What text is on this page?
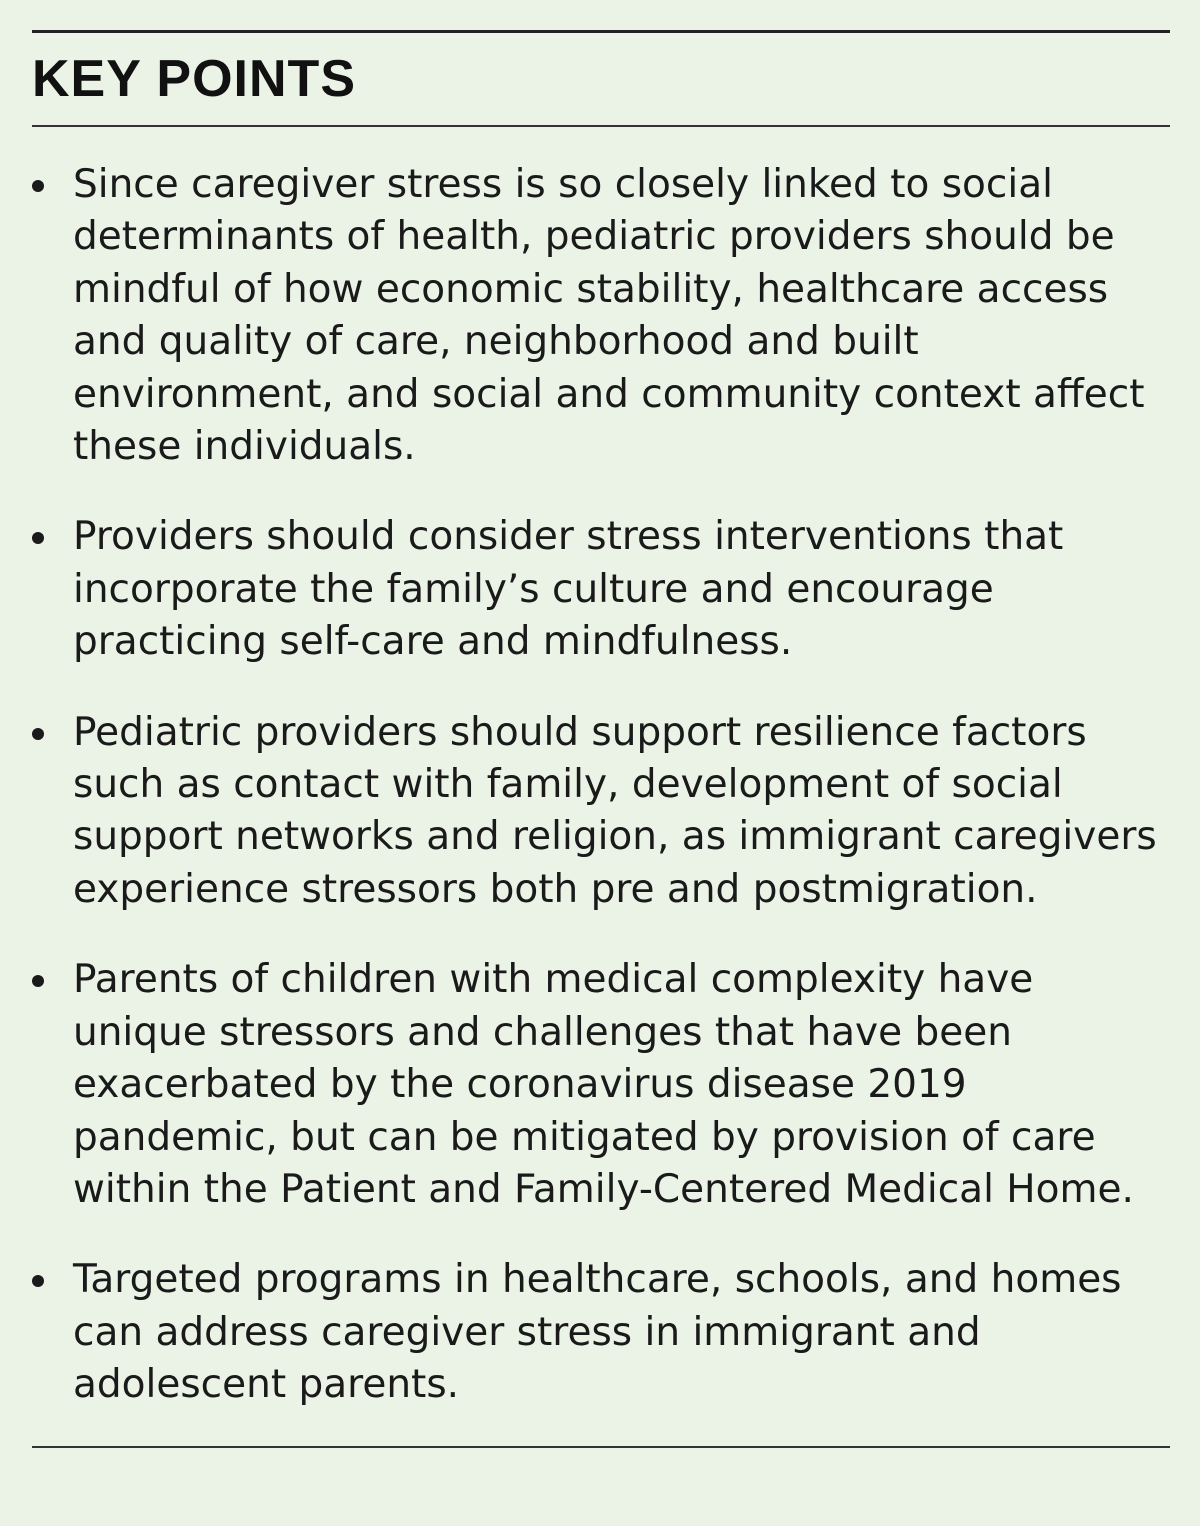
KEY POINTS
Since caregiver stress is so closely linked to social determinants of health, pediatric providers should be mindful of how economic stability, healthcare access and quality of care, neighborhood and built environment, and social and community context affect these individuals.
Providers should consider stress interventions that incorporate the family’s culture and encourage practicing self-care and mindfulness.
Pediatric providers should support resilience factors such as contact with family, development of social support networks and religion, as immigrant caregivers experience stressors both pre and postmigration.
Parents of children with medical complexity have unique stressors and challenges that have been exacerbated by the coronavirus disease 2019 pandemic, but can be mitigated by provision of care within the Patient and Family-Centered Medical Home.
Targeted programs in healthcare, schools, and homes can address caregiver stress in immigrant and adolescent parents.
